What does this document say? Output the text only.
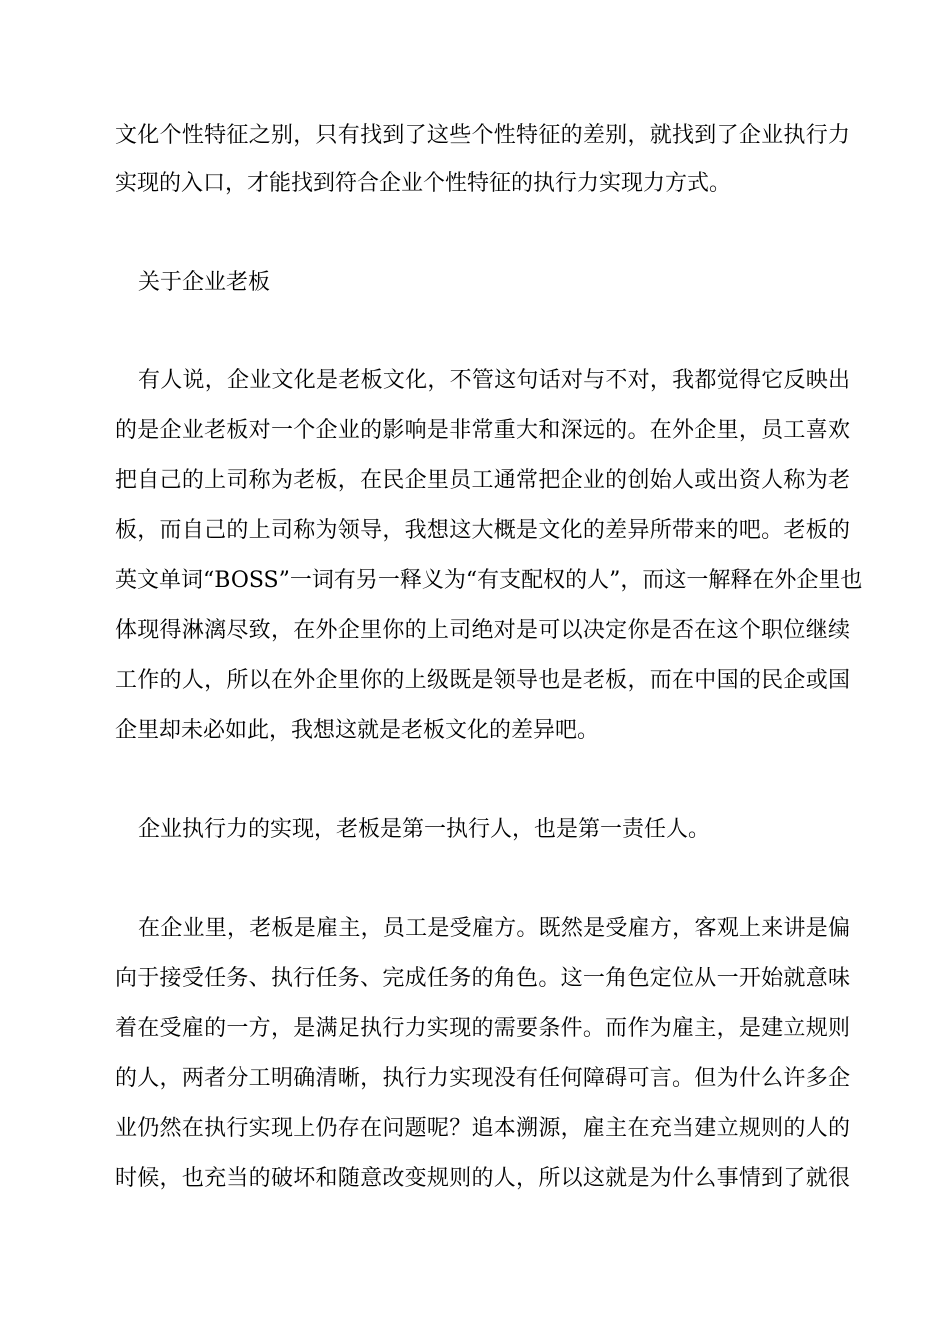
文化个性特征之别，只有找到了这些个性特征的差别，就找到了企业执行力
实现的入口，才能找到符合企业个性特征的执行力实现力方式。
关于企业老板
有人说，企业文化是老板文化，不管这句话对与不对，我都觉得它反映出
的是企业老板对一个企业的影响是非常重大和深远的。在外企里，员工喜欢
把自己的上司称为老板，在民企里员工通常把企业的创始人或出资人称为老
板，而自己的上司称为领导，我想这大概是文化的差异所带来的吧。老板的
英文单词“BOSS”一词有另一释义为“有支配权的人”，而这一解释在外企里也
体现得淋漓尽致，在外企里你的上司绝对是可以决定你是否在这个职位继续
工作的人，所以在外企里你的上级既是领导也是老板，而在中国的民企或国
企里却未必如此，我想这就是老板文化的差异吧。
企业执行力的实现，老板是第一执行人，也是第一责任人。
在企业里，老板是雇主，员工是受雇方。既然是受雇方，客观上来讲是偏
向于接受任务、执行任务、完成任务的角色。这一角色定位从一开始就意味
着在受雇的一方，是满足执行力实现的需要条件。而作为雇主，是建立规则
的人，两者分工明确清晰，执行力实现没有任何障碍可言。但为什么许多企
业仍然在执行实现上仍存在问题呢？追本溯源，雇主在充当建立规则的人的
时候，也充当的破坏和随意改变规则的人，所以这就是为什么事情到了就很
